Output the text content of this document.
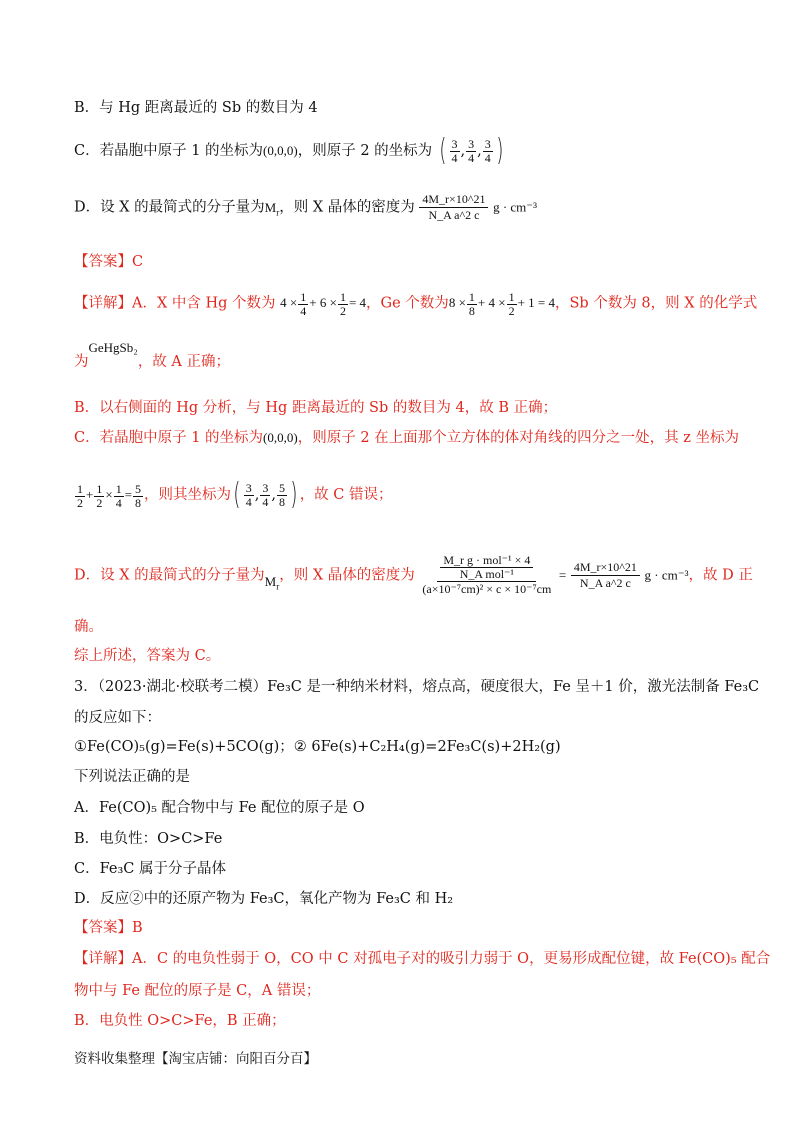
B．与 Hg 距离最近的 Sb 的数目为 4
C．若晶胞中原子 1 的坐标为(0,0,0)，则原子 2 的坐标为 ( $\frac{3}{4}$ , $\frac{3}{4}$ , $\frac{3}{4}$ )
D．设 X 的最简式的分子量为$M_r$，则 X 晶体的密度为 $\frac{4M\_r\times 10\^{}21}{\text{N\_A a\textasciicircum{}2 c}}$ g · cm⁻³
【答案】C
【详解】A．X 中含 Hg 个数为 $4 \times \frac{1}{4} + 6 \times \frac{1}{2} = 4$，Ge 个数为$8 \times \frac{1}{8} + 4 \times \frac{1}{2} + 1 = 4$，Sb 个数为 8，则 X 的化学式
为GeHgSb₂，故 A 正确；
B．以右侧面的 Hg 分析，与 Hg 距离最近的 Sb 的数目为 4，故 B 正确；
C．若晶胞中原子 1 的坐标为(0,0,0)，则原子 2 在上面那个立方体的体对角线的四分之一处，其 z 坐标为
$\frac{1}{2} + \frac{1}{2} \times \frac{1}{4} = \frac{5}{8}$ ，则其坐标为( $\frac{3}{4}$ , $\frac{3}{4}$ , $\frac{5}{8}$ ) ，故 C 错误；
D．设 X 的最简式的分子量为$M_r$，则 X 晶体的密度为
M_r g · mol⁻¹ × 4
N_A mol⁻¹
(a×10⁻⁷cm)² × c × 10⁻⁷cm
= $\frac{4M\_r\times 10\^{}21}{\text{N\_A a\textasciicircum{}2 c}}$ g · cm⁻³，故 D 正
确。
综上所述，答案为 C。
3．（2023·湖北·校联考二模）Fe₃C 是一种纳米材料，熔点高，硬度很大，Fe 呈＋1 价，激光法制备 Fe₃C
的反应如下：
①Fe(CO)₅(g)=Fe(s)+5CO(g)；② 6Fe(s)+C₂H₄(g)=2Fe₃C(s)+2H₂(g)
下列说法正确的是
A．Fe(CO)₅ 配合物中与 Fe 配位的原子是 O
B．电负性：O>C>Fe
C．Fe₃C 属于分子晶体
D．反应②中的还原产物为 Fe₃C，氧化产物为 Fe₃C 和 H₂
【答案】B
【详解】A．C 的电负性弱于 O，CO 中 C 对孤电子对的吸引力弱于 O，更易形成配位键，故 Fe(CO)₅ 配合
物中与 Fe 配位的原子是 C，A 错误；
B．电负性 O>C>Fe，B 正确；
资料收集整理【淘宝店铺：向阳百分百】
